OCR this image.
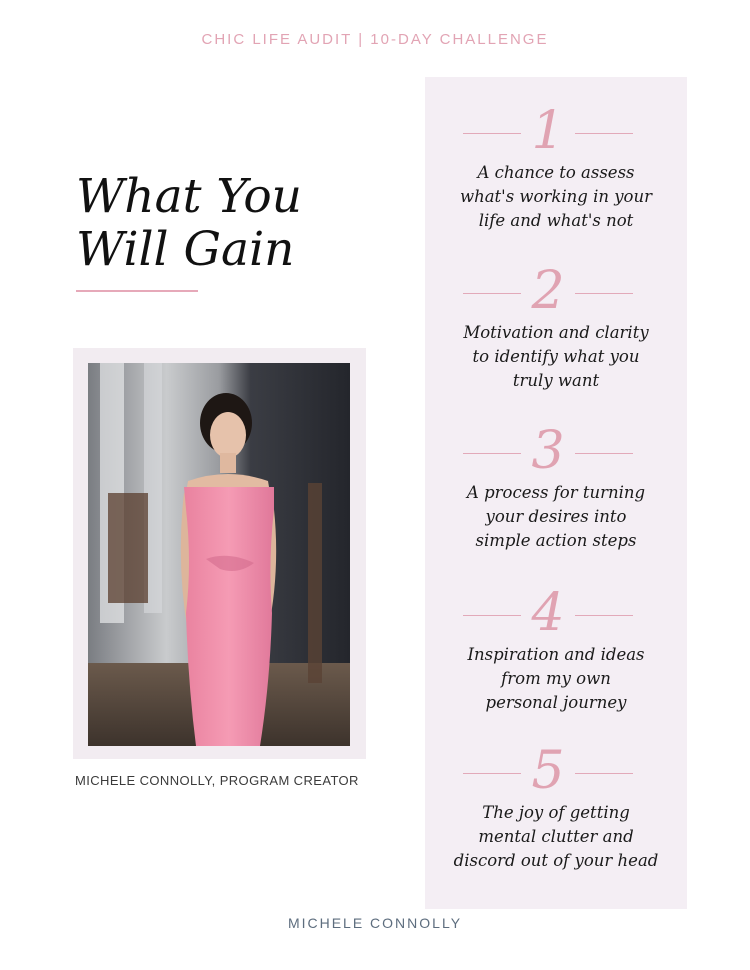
CHIC LIFE AUDIT | 10-DAY CHALLENGE
What You
Will Gain
MICHELE CONNOLLY, PROGRAM CREATOR
1
A chance to assess
what's working in your
life and what's not
2
Motivation and clarity
to identify what you
truly want
3
A process for turning
your desires into
simple action steps
4
Inspiration and ideas
from my own
personal journey
5
The joy of getting
mental clutter and
discord out of your head
MICHELE CONNOLLY
